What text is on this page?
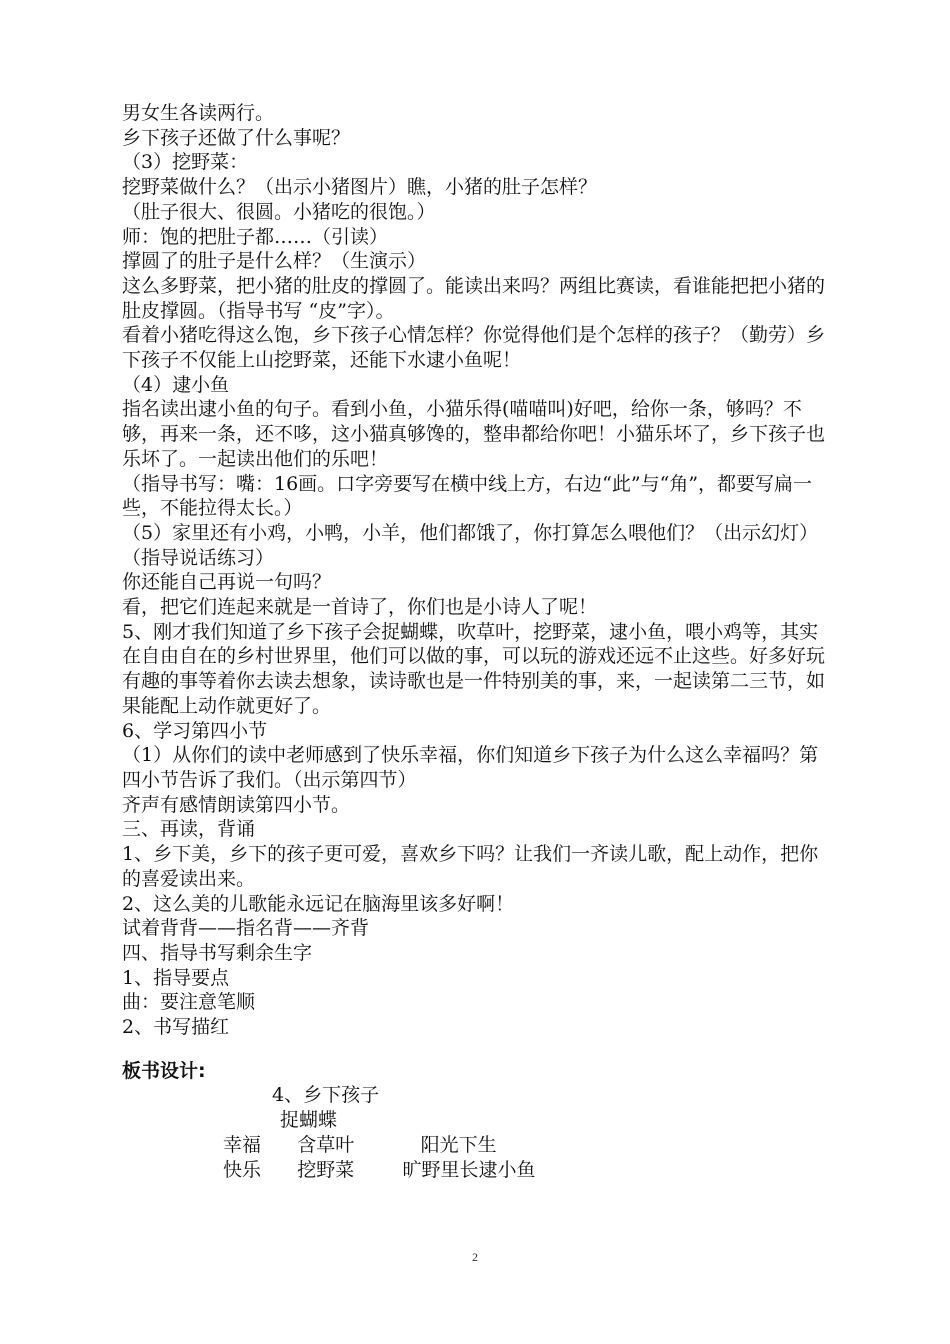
男女生各读两行。

乡下孩子还做了什么事呢？

（3）挖野菜：

挖野菜做什么？（出示小猪图片）瞧，小猪的肚子怎样？

（肚子很大、很圆。小猪吃的很饱。）

师：饱的把肚子都……（引读）

撑圆了的肚子是什么样？（生演示）

这么多野菜，把小猪的肚皮的撑圆了。能读出来吗？两组比赛读，看谁能把把小猪的肚皮撑圆。（指导书写 “皮”字）。

看着小猪吃得这么饱，乡下孩子心情怎样？你觉得他们是个怎样的孩子？（勤劳）乡下孩子不仅能上山挖野菜，还能下水逮小鱼呢！

（4）逮小鱼

指名读出逮小鱼的句子。看到小鱼，小猫乐得(喵喵叫)好吧，给你一条，够吗？不够，再来一条，还不哆，这小猫真够馋的，整串都给你吧！小猫乐坏了，乡下孩子也乐坏了。一起读出他们的乐吧！

（指导书写：嘴：16画。口字旁要写在横中线上方，右边“此”与“角”，都要写扁一些，不能拉得太长。）

（5）家里还有小鸡，小鸭，小羊，他们都饿了，你打算怎么喂他们？（出示幻灯）

（指导说话练习）

你还能自己再说一句吗？

看，把它们连起来就是一首诗了，你们也是小诗人了呢！

5、刚才我们知道了乡下孩子会捉蝴蝶，吹草叶，挖野菜，逮小鱼，喂小鸡等，其实在自由自在的乡村世界里，他们可以做的事，可以玩的游戏还远不止这些。好多好玩有趣的事等着你去读去想象，读诗歌也是一件特别美的事，来，一起读第二三节，如果能配上动作就更好了。

6、学习第四小节

（1）从你们的读中老师感到了快乐幸福，你们知道乡下孩子为什么这么幸福吗？第四小节告诉了我们。（出示第四节）

齐声有感情朗读第四小节。

三、再读，背诵

1、乡下美，乡下的孩子更可爱，喜欢乡下吗？让我们一齐读儿歌，配上动作，把你的喜爱读出来。

2、这么美的儿歌能永远记在脑海里该多好啊！

试着背背——指名背——齐背

四、指导书写剩余生字

1、指导要点

曲：要注意笔顺

2、书写描红

板书设计:

4、乡下孩子

捉蝴蝶

幸福      含草叶           阳光下生

快乐      挖野菜        旷野里长逮小鱼

2
